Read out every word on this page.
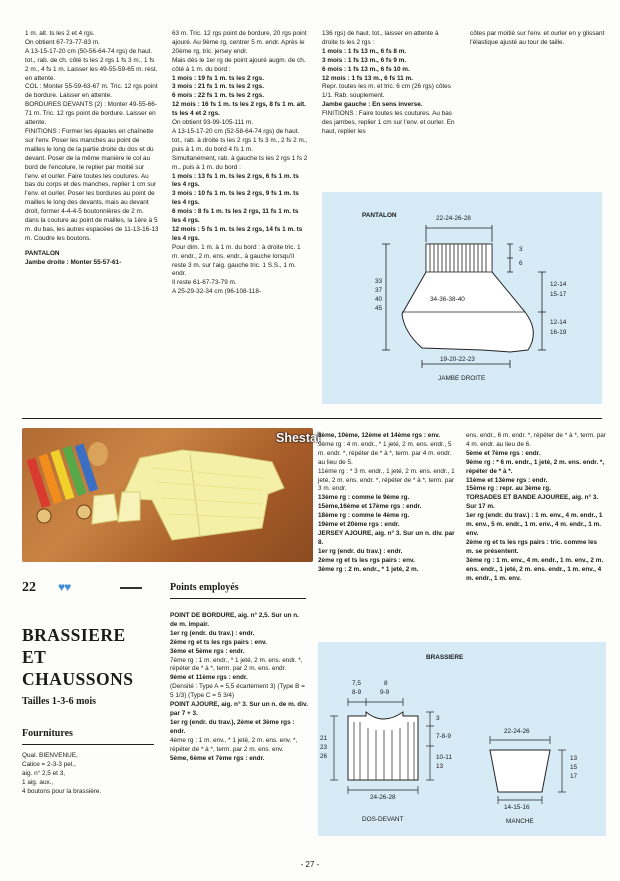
1 m. alt. ts les 2 et 4 rgs.

On obtient 67-73-77-83 m.

A 13-15-17-20 cm (50-56-64-74 rgs) de haut. tot., rab. de ch. côté ts les 2 rgs 1 fs 3 m., 1 fs 2 m., 4 fs 1 m. Laisser les 49-55-59-65 m. rest. en attente.

COL : Monter 55-59-63-67 m. Tric. 12 rgs point de bordure. Laisser en attente.

BORDURES DEVANTS (2) : Monter 49-55-66-71 m. Tric. 12 rgs point de bordure. Laisser en attente.

FINITIONS : Former les épaules en chaînette sur l'env. Poser les manches au point de mailles le long de la partie droite du dos et du devant. Poser de la même manière le col au bord de l'encolure, le replier par moitié sur l'env. et ourler. Faire toutes les coutures. Au bas du corps et des manches, replier 1 cm sur l'env. et ourler. Poser les bordures au point de mailles le long des devants, mais au devant droit, former 4-4-4-5 boutonnières de 2 m. dans la couture au point de mailles, la 1ère à 5 m. du bas, les autres espacées de 11-13-16-13 m. Coudre les boutons.

PANTALON

Jambe droite : Monter 55-57-61-

63 m. Tric. 12 rgs point de bordure, 20 rgs point ajouré. Au 9ème rg, centrer 5 m. endr. Après le 20ème rg, tric. jersey endr.

Mais dès le 1er rg de point ajouré augm. de ch. côté à 1 m. du bord :

1 mois : 19 fs 1 m. ts les 2 rgs.

3 mois : 21 fs 1 m. ts les 2 rgs.

6 mois : 22 fs 1 m. ts les 2 rgs.

12 mois : 16 fs 1 m. ts les 2 rgs, 8 fs 1 m. alt. ts les 4 et 2 rgs.

On obtient 93-99-105-111 m.

A 13-15-17-20 cm (52-58-64-74 rgs) de haut. tot., rab. à droite ts les 2 rgs 1 fs 3 m., 2 fs 2 m., puis à 1 m. du bord 4 fs 1 m.

Simultanément, rab. à gauche ts les 2 rgs 1 fs 2 m., puis à 1 m. du bord :

1 mois : 13 fs 1 m. ts les 2 rgs, 6 fs 1 m. ts les 4 rgs.

3 mois : 10 fs 1 m. ts les 2 rgs, 9 fs 1 m. ts les 4 rgs.

6 mois : 8 fs 1 m. ts les 2 rgs, 11 fs 1 m. ts les 4 rgs.

12 mois : 5 fs 1 m. ts les 2 rgs, 14 fs 1 m. ts les 4 rgs.

Pour dim. 1 m. à 1 m. du bord : à droite tric. 1 m. endr., 2 m. ens. endr., à gauche lorsqu'il reste 3 m. sur l'aig. gauche tric. 1 S.S., 1 m. endr.

Il reste 61-67-73-79 m.

A 25-29-32-34 cm (96-108-118-

136 rgs) de haut. tot., laisser en attente à droite ts les 2 rgs :

1 mois : 1 fs 13 m., 6 fs 8 m.

3 mois : 1 fs 13 m., 6 fs 9 m.

6 mois : 1 fs 13 m., 6 fs 10 m.

12 mois : 1 fs 13 m., 6 fs 11 m.

Repr. toutes les m. et tric. 6 cm (26 rgs) côtes 1/1. Rab. souplement.

Jambe gauche : En sens inverse.

FINITIONS : Faire toutes les coutures. Au bas des jambes, replier 1 cm sur l'env. et ourler. En haut, replier les

côtes par moitié sur l'env. et ourler en y glissant l'élastique ajusté au tour de taille.

PANTALON	22-24-26-28
3
6
33
37
40
45
34-36-38-40
12-14
15-17
12-14
16-19
19-20-22-23
JAMBE DROITE
Shestal
22 ♥♥
BRASSIERE
ET
CHAUSSONS
Tailles 1-3-6 mois
Fournitures

Qual. BIENVENUE,

Calice = 2-3-3 pel.,

aig. n° 2,5 et 3,

1 aig. aux.,

4 boutons pour la brassière.

Points employés

POINT DE BORDURE, aig. n° 2,5. Sur un n. de m. impair.

1er rg (endr. du trav.) : endr.

2ème rg et ts les rgs pairs : env.

3ème et 5ème rgs : endr.

7ème rg : 1 m. endr., * 1 jeté, 2 m. ens. endr. *, répéter de * à *, term. par 2 m. ens. endr.

9ème et 11ème rgs : endr.

(Densité : Type A = 5,5 écartement 3) (Type B = 5 1/3) (Type C = 5 3/4)

POINT AJOURE, aig. n° 3. Sur un n. de m. div. par 7 + 3.

1er rg (endr. du trav.), 2ème et 3ème rgs : endr.

4ème rg : 1 m. env., * 1 jeté, 2 m. ens. env. *, répéter de * à *, term. par 2 m. ens. env.

5ème, 6ème et 7ème rgs : endr.

8ème, 10ème, 12ème et 14ème rgs : env.

9ème rg : 4 m. endr., * 1 jeté, 2 m. ens. endr., 5 m. endr. *, répéter de * à *, term. par 4 m. endr. au lieu de 5.

11ème rg : * 3 m. endr., 1 jeté, 2 m. ens. endr., 1 jeté, 2 m. ens. endr. *, répéter de * à *, term. par 3 m. endr.

13ème rg : comme le 9ème rg.

15ème,16ème et 17ème rgs : endr.

18ème rg : comme le 4ème rg.

19ème et 20ème rgs : endr.

JERSEY AJOURE, aig. n° 3. Sur un n. div. par 8.

1er rg (endr. du trav.) : endr.

2ème rg et ts les rgs pairs : env.

3ème rg : 2 m. endr., * 1 jeté, 2 m.

ens. endr., 6 m. endr. *, répéter de * à *, term. par 4 m. endr. au lieu de 6.

5ème et 7ème rgs : endr.

9ème rg : * 6 m. endr., 1 jeté, 2 m. ens. endr. *, répéter de * à *.

11ème et 13ème rgs : endr.

15ème rg : repr. au 3ème rg.

TORSADES ET BANDE AJOUREE, aig. n° 3. Sur 17 m.

1er rg (endr. du trav.) : 1 m. env., 4 m. endr., 1 m. env., 5 m. endr., 1 m. env., 4 m. endr., 1 m. env.

2ème rg et ts les rgs pairs : tric. comme les m. se présentent.

3ème rg : 1 m. env., 4 m. endr., 1 m. env., 2 m. ens. endr., 1 jeté, 2 m. ens. endr., 1 m. env., 4 m. endr., 1 m. env.

BRASSIERE
7,5
8-9
8
9-9
3
7-8-9
10-11
13
21
23
26
24-26-28
DOS-DEVANT
22-24-26
13
15
17
14-15-16
MANCHE
- 27 -
